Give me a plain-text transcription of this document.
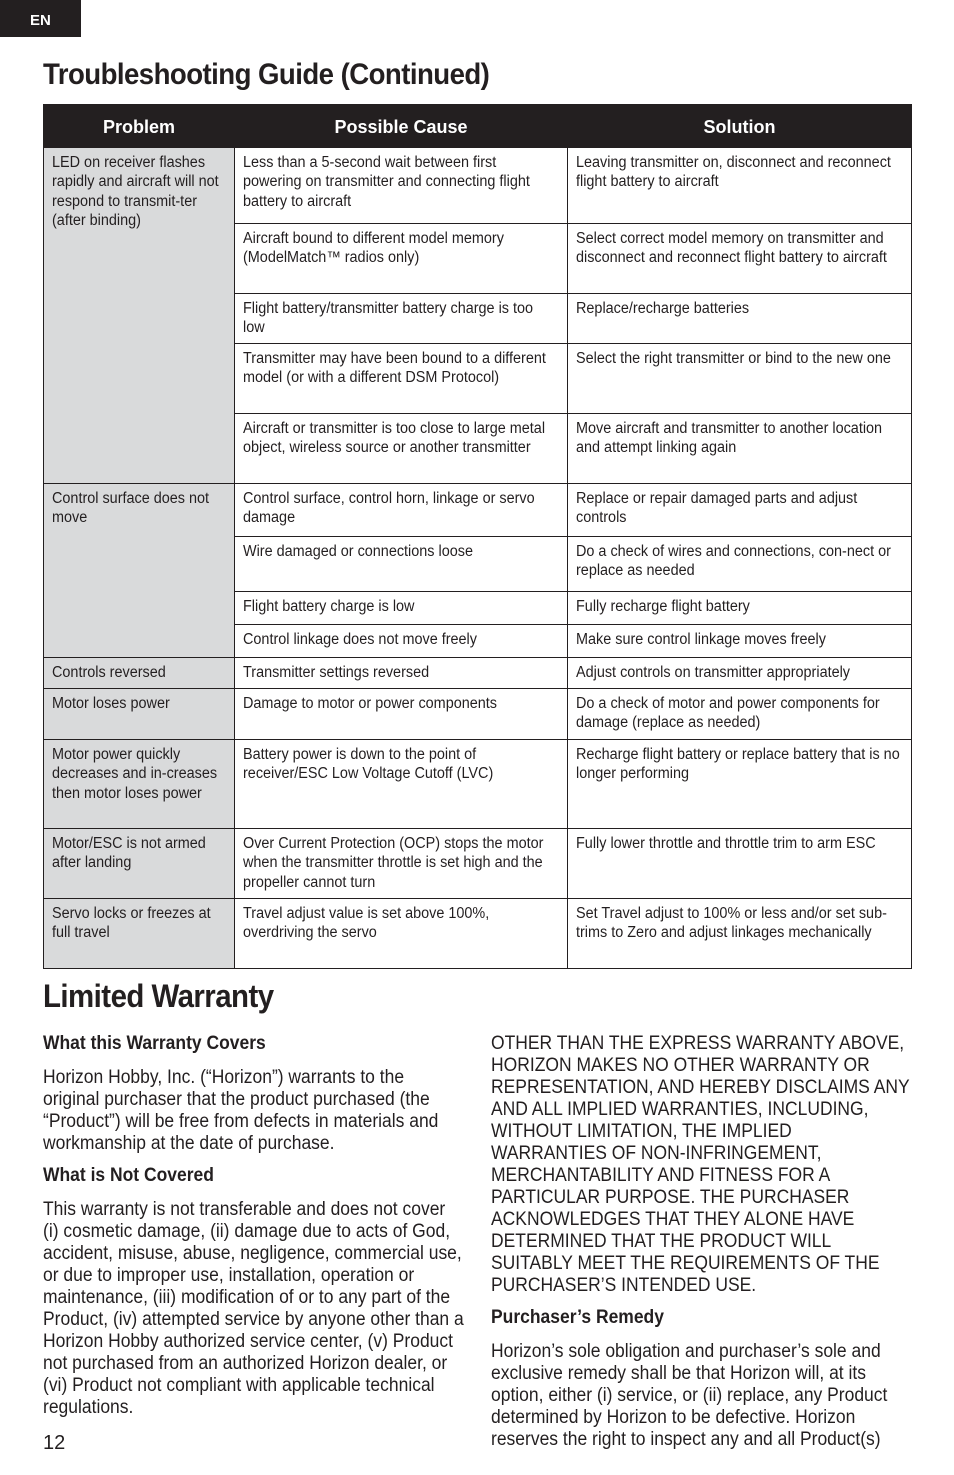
EN
Troubleshooting Guide (Continued)
Problem	Possible Cause	Solution
LED on receiver flashes rapidly and aircraft will not respond to transmit-ter (after binding)	Less than a 5-second wait between first powering on transmitter and connecting flight battery to aircraft	Leaving transmitter on, disconnect and reconnect flight battery to aircraft
	Aircraft bound to different model memory (ModelMatch™ radios only)	Select correct model memory on transmitter and disconnect and reconnect flight battery to aircraft
	Flight battery/transmitter battery charge is too low	Replace/recharge batteries
	Transmitter may have been bound to a different model (or with a different DSM Protocol)	Select the right transmitter or bind to the new one
	Aircraft or transmitter is too close to large metal object, wireless source or another transmitter	Move aircraft and transmitter to another location and attempt linking again
Control surface does not move	Control surface, control horn, linkage or servo damage	Replace or repair damaged parts and adjust controls
	Wire damaged or connections loose	Do a check of wires and connections, con-nect or replace as needed
	Flight battery charge is low	Fully recharge flight battery
	Control linkage does not move freely	Make sure control linkage moves freely
Controls reversed	Transmitter settings reversed	Adjust controls on transmitter appropriately
Motor loses power	Damage to motor or power components	Do a check of motor and power components for damage (replace as needed)
Motor power quickly decreases and in-creases then motor loses power	Battery power is down to the point of receiver/ESC Low Voltage Cutoff (LVC)	Recharge flight battery or replace battery that is no longer performing
Motor/ESC is not armed after landing	Over Current Protection (OCP) stops the motor when the transmitter throttle is set high and the propeller cannot turn	Fully lower throttle and throttle trim to arm ESC
Servo locks or freezes at full travel	Travel adjust value is set above 100%, overdriving the servo	Set Travel adjust to 100% or less and/or set sub-trims to Zero and adjust linkages mechanically
Limited Warranty
What this Warranty Covers

Horizon Hobby, Inc. (“Horizon”) warrants to the original purchaser that the product purchased (the “Product”) will be free from defects in materials and workmanship at the date of purchase.

What is Not Covered

This warranty is not transferable and does not cover (i) cosmetic damage, (ii) damage due to acts of God, accident, misuse, abuse, negligence, commercial use, or due to improper use, installation, operation or maintenance, (iii) modification of or to any part of the Product, (iv) attempted service by anyone other than a Horizon Hobby authorized service center, (v) Product not purchased from an authorized Horizon dealer, or (vi) Product not compliant with applicable technical regulations.

OTHER THAN THE EXPRESS WARRANTY ABOVE, HORIZON MAKES NO OTHER WARRANTY OR REPRESENTATION, AND HEREBY DISCLAIMS ANY AND ALL IMPLIED WARRANTIES, INCLUDING, WITHOUT LIMITATION, THE IMPLIED WARRANTIES OF NON-INFRINGEMENT, MERCHANTABILITY AND FITNESS FOR A PARTICULAR PURPOSE. THE PURCHASER ACKNOWLEDGES THAT THEY ALONE HAVE DETERMINED THAT THE PRODUCT WILL SUITABLY MEET THE REQUIREMENTS OF THE PURCHASER’S INTENDED USE.

Purchaser’s Remedy

Horizon’s sole obligation and purchaser’s sole and exclusive remedy shall be that Horizon will, at its option, either (i) service, or (ii) replace, any Product determined by Horizon to be defective. Horizon reserves the right to inspect any and all Product(s)

12
